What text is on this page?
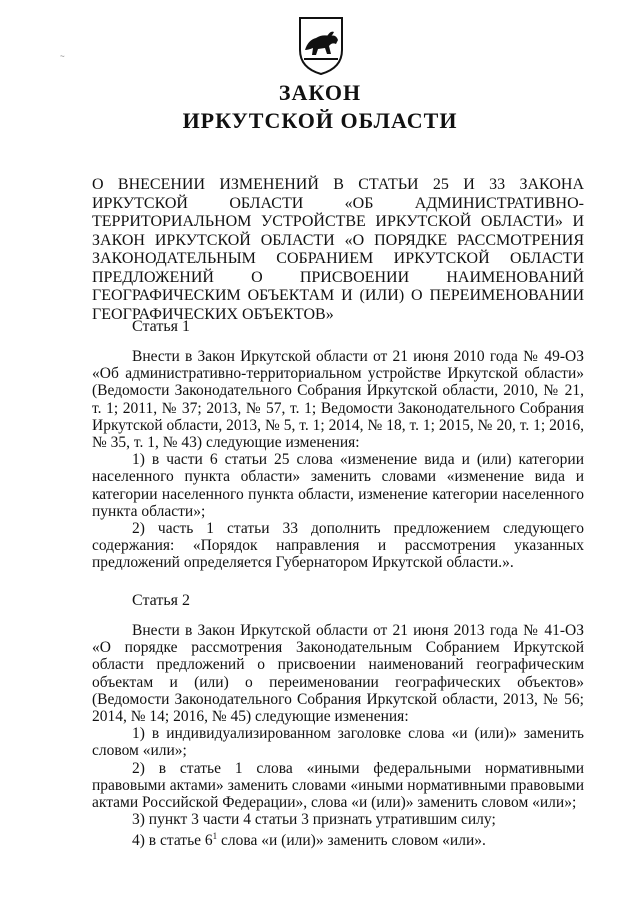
~
ЗАКОН
ИРКУТСКОЙ ОБЛАСТИ

О ВНЕСЕНИИ ИЗМЕНЕНИЙ В СТАТЬИ 25 И 33 ЗАКОНА ИРКУТСКОЙ ОБЛАСТИ «ОБ АДМИНИСТРАТИВНО-ТЕРРИТОРИАЛЬНОМ УСТРОЙСТВЕ ИРКУТСКОЙ ОБЛАСТИ» И ЗАКОН ИРКУТСКОЙ ОБЛАСТИ «О ПОРЯДКЕ РАССМОТРЕНИЯ ЗАКОНОДАТЕЛЬНЫМ СОБРАНИЕМ ИРКУТСКОЙ ОБЛАСТИ ПРЕДЛОЖЕНИЙ О ПРИСВОЕНИИ НАИМЕНОВАНИЙ ГЕОГРАФИЧЕСКИМ ОБЪЕКТАМ И (ИЛИ) О ПЕРЕИМЕНОВАНИИ ГЕОГРАФИЧЕСКИХ ОБЪЕКТОВ»

Статья 1

Внести в Закон Иркутской области от 21 июня 2010 года № 49-ОЗ «Об административно-территориальном устройстве Иркутской области» (Ведомости Законодательного Собрания Иркутской области, 2010, № 21, т. 1; 2011, № 37; 2013, № 57, т. 1; Ведомости Законодательного Собрания Иркутской области, 2013, № 5, т. 1; 2014, № 18, т. 1; 2015, № 20, т. 1; 2016, № 35, т. 1, № 43) следующие изменения:

1) в части 6 статьи 25 слова «изменение вида и (или) категории населенного пункта области» заменить словами «изменение вида и категории населенного пункта области, изменение категории населенного пункта области»;

2) часть 1 статьи 33 дополнить предложением следующего содержания: «Порядок направления и рассмотрения указанных предложений определяется Губернатором Иркутской области.».

Статья 2

Внести в Закон Иркутской области от 21 июня 2013 года № 41-ОЗ «О порядке рассмотрения Законодательным Собранием Иркутской области предложений о присвоении наименований географическим объектам и (или) о переименовании географических объектов» (Ведомости Законодательного Собрания Иркутской области, 2013, № 56; 2014, № 14; 2016, № 45) следующие изменения:

1) в индивидуализированном заголовке слова «и (или)» заменить словом «или»;

2) в статье 1 слова «иными федеральными нормативными правовыми актами» заменить словами «иными нормативными правовыми актами Российской Федерации», слова «и (или)» заменить словом «или»;

3) пункт 3 части 4 статьи 3 признать утратившим силу;

4) в статье $6^1$ слова «и (или)» заменить словом «или».
